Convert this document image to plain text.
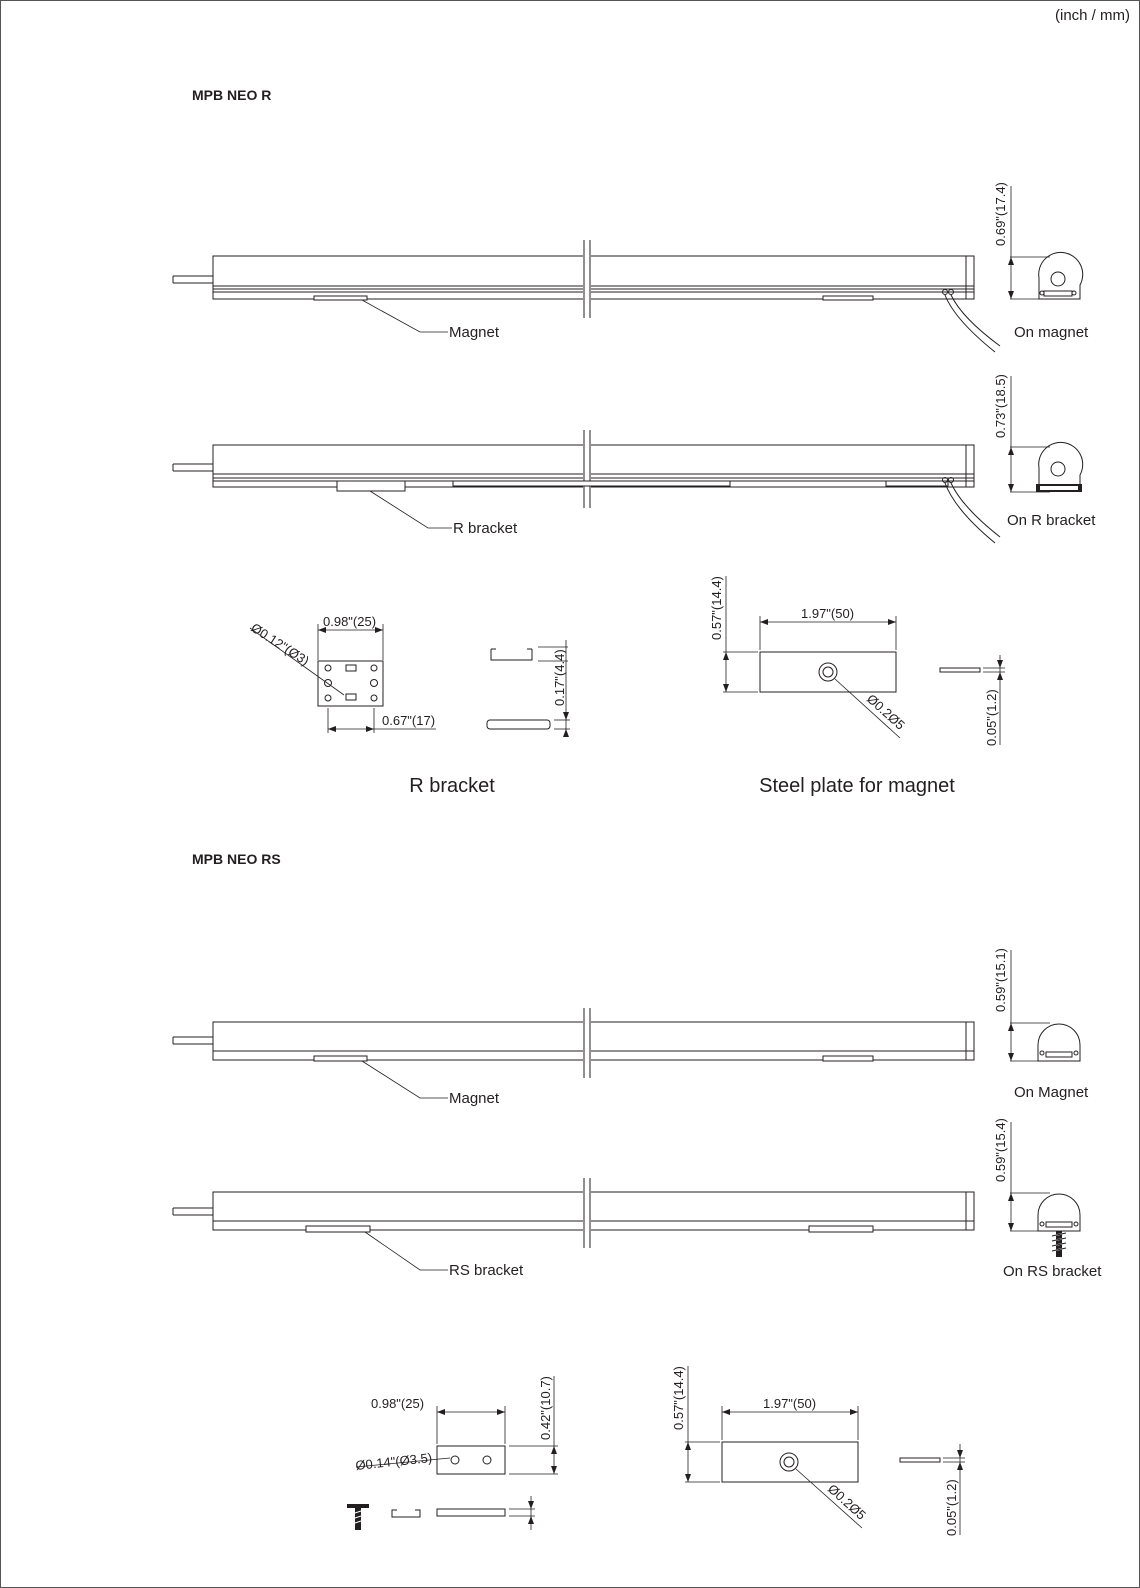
(inch / mm)
MPB NEO R
Magnet
0.69"(17.4)
On magnet
R bracket
0.73"(18.5)
On R bracket
0.98"(25)
Ø0.12"(Ø3)
0.67"(17)
0.17"(4.4)
R bracket
1.97"(50)
0.57"(14.4)
Ø0.2Ø5	0.05"(1.2)
Steel plate for magnet
MPB NEO RS
Magnet
0.59"(15.1)
On Magnet
RS bracket
0.59"(15.4)
On RS bracket
0.98"(25)	0.42"(10.7)
Ø0.14"(Ø3.5)
1.97"(50)
0.57"(14.4)
Ø0.2Ø5	0.05"(1.2)
